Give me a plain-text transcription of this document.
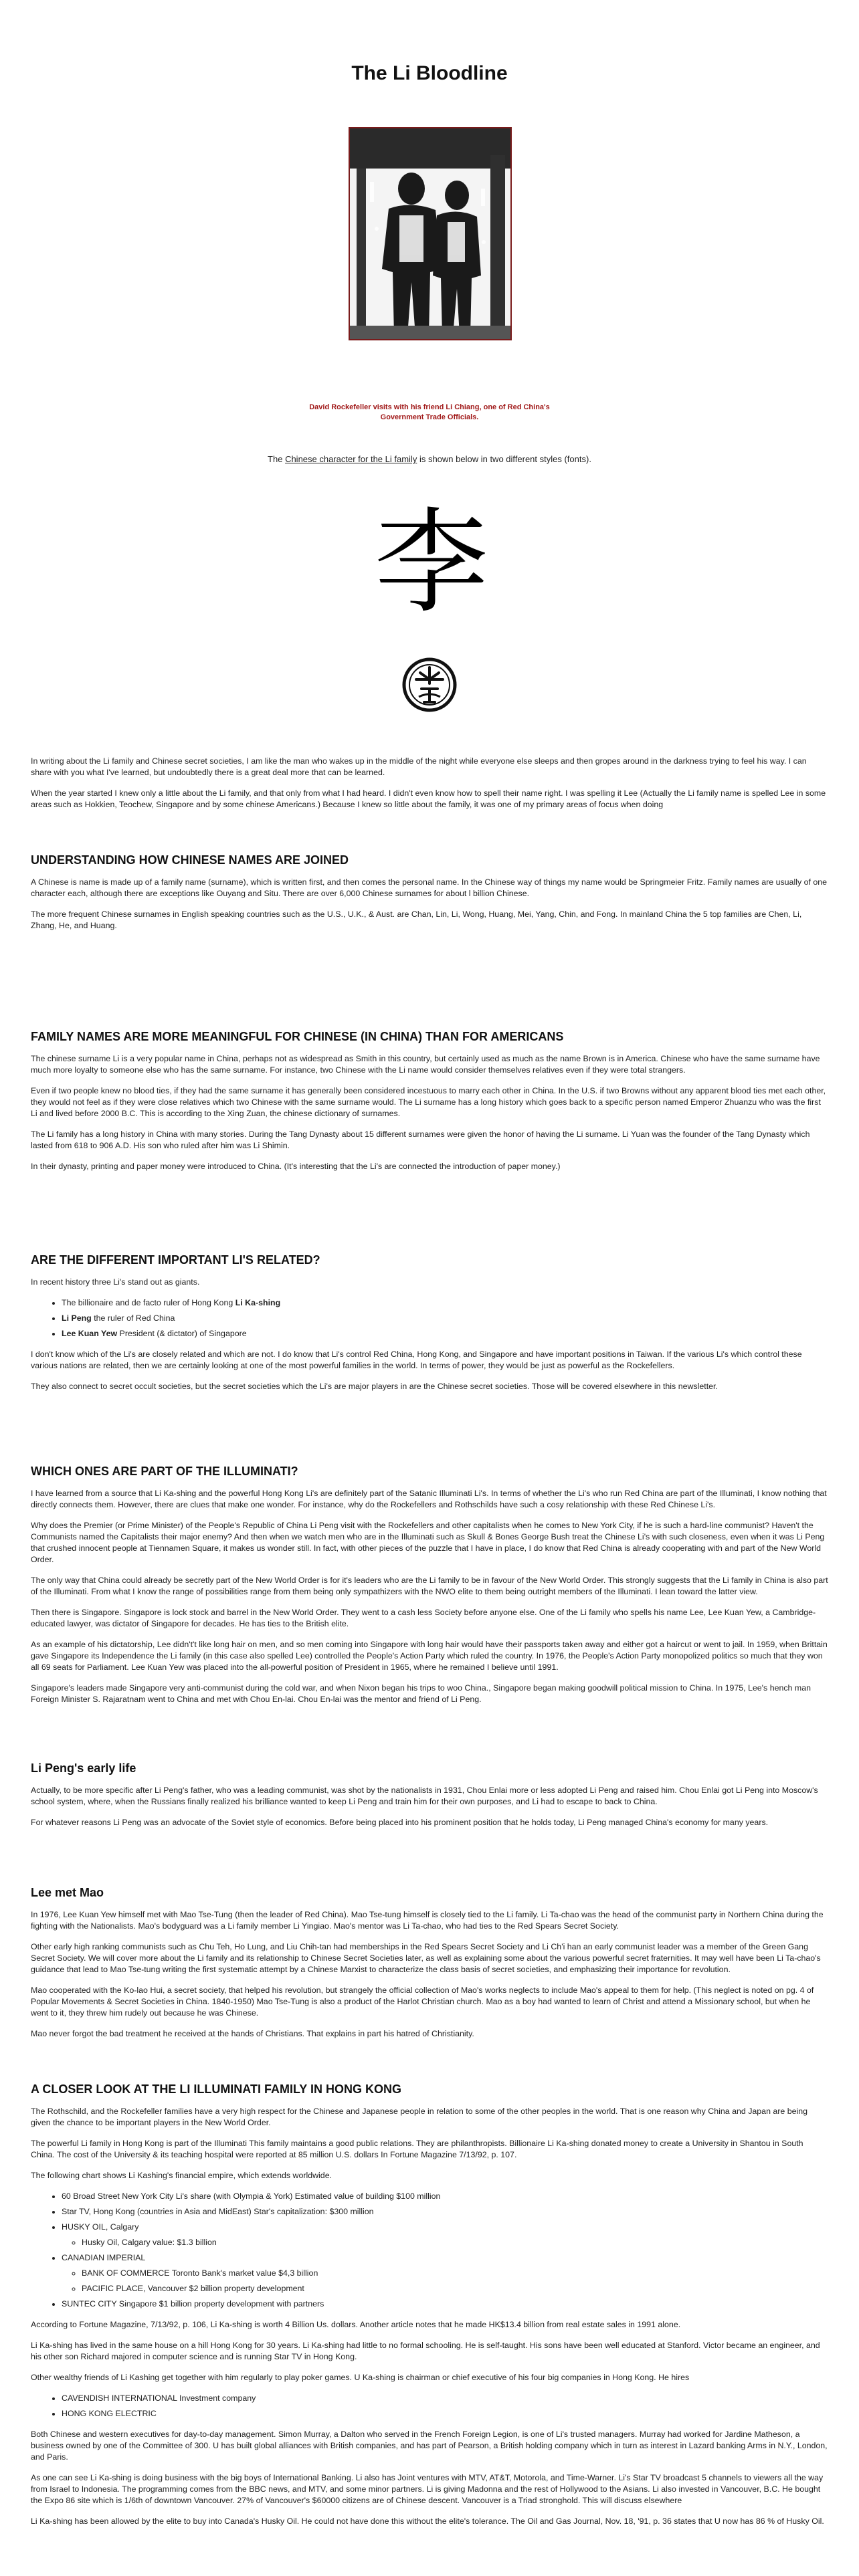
The Li Bloodline
David Rockefeller visits with his friend Li Chiang, one of Red China's Government Trade Officials.
The Chinese character for the Li family is shown below in two different styles (fonts).
李

In writing about the Li family and Chinese secret societies, I am like the man who wakes up in the middle of the night while everyone else sleeps and then gropes around in the darkness trying to feel his way. I can share with you what I've learned, but undoubtedly there is a great deal more that can be learned.

When the year started I knew only a little about the Li family, and that only from what I had heard. I didn't even know how to spell their name right. I was spelling it Lee (Actually the Li family name is spelled Lee in some areas such as Hokkien, Teochew, Singapore and by some chinese Americans.) Because I knew so little about the family, it was one of my primary areas of focus when doing

UNDERSTANDING HOW CHINESE NAMES ARE JOINED

A Chinese is name is made up of a family name (surname), which is written first, and then comes the personal name. In the Chinese way of things my name would be Springmeier Fritz. Family names are usually of one character each, although there are exceptions like Ouyang and Situ. There are over 6,000 Chinese surnames for about l billion Chinese.

The more frequent Chinese surnames in English speaking countries such as the U.S., U.K., & Aust. are Chan, Lin, Li, Wong, Huang, Mei, Yang, Chin, and Fong. In mainland China the 5 top families are Chen, Li, Zhang, He, and Huang.

FAMILY NAMES ARE MORE MEANINGFUL FOR CHINESE (IN CHINA) THAN FOR AMERICANS

The chinese surname Li is a very popular name in China, perhaps not as widespread as Smith in this country, but certainly used as much as the name Brown is in America. Chinese who have the same surname have much more loyalty to someone else who has the same surname. For instance, two Chinese with the Li name would consider themselves relatives even if they were total strangers.

Even if two people knew no blood ties, if they had the same surname it has generally been considered incestuous to marry each other in China. In the U.S. if two Browns without any apparent blood ties met each other, they would not feel as if they were close relatives which two Chinese with the same surname would. The Li surname has a long history which goes back to a specific person named Emperor Zhuanzu who was the first Li and lived before 2000 B.C. This is according to the Xing Zuan, the chinese dictionary of surnames.

The Li family has a long history in China with many stories. During the Tang Dynasty about 15 different surnames were given the honor of having the Li surname. Li Yuan was the founder of the Tang Dynasty which lasted from 618 to 906 A.D. His son who ruled after him was Li Shimin.

In their dynasty, printing and paper money were introduced to China. (It's interesting that the Li's are connected the introduction of paper money.)

ARE THE DIFFERENT IMPORTANT LI'S RELATED?

In recent history three Li's stand out as giants.

• The billionaire and de facto ruler of Hong Kong Li Ka-shing
• Li Peng the ruler of Red China
• Lee Kuan Yew President (& dictator) of Singapore

I don't know which of the Li's are closely related and which are not. I do know that Li's control Red China, Hong Kong, and Singapore and have important positions in Taiwan. If the various Li's which control these various nations are related, then we are certainly looking at one of the most powerful families in the world. In terms of power, they would be just as powerful as the Rockefellers.

They also connect to secret occult societies, but the secret societies which the Li's are major players in are the Chinese secret societies. Those will be covered elsewhere in this newsletter.

WHICH ONES ARE PART OF THE ILLUMINATI?

I have learned from a source that Li Ka-shing and the powerful Hong Kong Li's are definitely part of the Satanic Illuminati Li's. In terms of whether the Li's who run Red China are part of the Illuminati, I know nothing that directly connects them. However, there are clues that make one wonder. For instance, why do the Rockefellers and Rothschilds have such a cosy relationship with these Red Chinese Li's.

Why does the Premier (or Prime Minister) of the People's Republic of China Li Peng visit with the Rockefellers and other capitalists when he comes to New York City, if he is such a hard-line communist? Haven't the Communists named the Capitalists their major enemy? And then when we watch men who are in the Illuminati such as Skull & Bones George Bush treat the Chinese Li's with such closeness, even when it was Li Peng that crushed innocent people at Tiennamen Square, it makes us wonder still. In fact, with other pieces of the puzzle that I have in place, I do know that Red China is already cooperating with and part of the New World Order.

The only way that China could already be secretly part of the New World Order is for it's leaders who are the Li family to be in favour of the New World Order. This strongly suggests that the Li family in China is also part of the Illuminati. From what I know the range of possibilities range from them being only sympathizers with the NWO elite to them being outright members of the Illuminati. I lean toward the latter view.

Then there is Singapore. Singapore is lock stock and barrel in the New World Order. They went to a cash less Society before anyone else. One of the Li family who spells his name Lee, Lee Kuan Yew, a Cambridge-educated lawyer, was dictator of Singapore for decades. He has ties to the British elite.

As an example of his dictatorship, Lee didn't't like long hair on men, and so men coming into Singapore with long hair would have their passports taken away and either got a haircut or went to jail. In 1959, when Brittain gave Singapore its Independence the Li family (in this case also spelled Lee) controlled the People's Action Party which ruled the country. In 1976, the People's Action Party monopolized politics so much that they won all 69 seats for Parliament. Lee Kuan Yew was placed into the all-powerful position of President in 1965, where he remained I believe until 1991.

Singapore's leaders made Singapore very anti-communist during the cold war, and when Nixon began his trips to woo China., Singapore began making goodwill political mission to China. In 1975, Lee's hench man Foreign Minister S. Rajaratnam went to China and met with Chou En-lai. Chou En-lai was the mentor and friend of Li Peng.

Li Peng's early life

Actually, to be more specific after Li Peng's father, who was a leading communist, was shot by the nationalists in 1931, Chou Enlai more or less adopted Li Peng and raised him. Chou Enlai got Li Peng into Moscow's school system, where, when the Russians finally realized his brilliance wanted to keep Li Peng and train him for their own purposes, and Li had to escape to back to China.

For whatever reasons Li Peng was an advocate of the Soviet style of economics. Before being placed into his prominent position that he holds today, Li Peng managed China's economy for many years.

Lee met Mao

In 1976, Lee Kuan Yew himself met with Mao Tse-Tung (then the leader of Red China). Mao Tse-tung himself is closely tied to the Li family. Li Ta-chao was the head of the communist party in Northern China during the fighting with the Nationalists. Mao's bodyguard was a Li family member Li Yingiao. Mao's mentor was Li Ta-chao, who had ties to the Red Spears Secret Society.

Other early high ranking communists such as Chu Teh, Ho Lung, and Liu Chih-tan had memberships in the Red Spears Secret Society and Li Ch'i han an early communist leader was a member of the Green Gang Secret Society. We will cover more about the Li family and its relationship to Chinese Secret Societies later, as well as explaining some about the various powerful secret fraternities. It may well have been Li Ta-chao's guidance that lead to Mao Tse-tung writing the first systematic attempt by a Chinese Marxist to characterize the class basis of secret societies, and emphasizing their importance for revolution.

Mao cooperated with the Ko-lao Hui, a secret society, that helped his revolution, but strangely the official collection of Mao's works neglects to include Mao's appeal to them for help. (This neglect is noted on pg. 4 of Popular Movements & Secret Societies in China. 1840-1950) Mao Tse-Tung is also a product of the Harlot Christian church. Mao as a boy had wanted to learn of Christ and attend a Missionary school, but when he went to it, they threw him rudely out because he was Chinese.

Mao never forgot the bad treatment he received at the hands of Christians. That explains in part his hatred of Christianity.

A CLOSER LOOK AT THE LI ILLUMINATI FAMILY IN HONG KONG

The Rothschild, and the Rockefeller families have a very high respect for the Chinese and Japanese people in relation to some of the other peoples in the world. That is one reason why China and Japan are being given the chance to be important players in the New World Order.

The powerful Li family in Hong Kong is part of the Illuminati This family maintains a good public relations. They are philanthropists. Billionaire Li Ka-shing donated money to create a University in Shantou in South China. The cost of the University & its teaching hospital were reported at 85 million U.S. dollars In Fortune Magazine 7/13/92, p. 107.

The following chart shows Li Kashing's financial empire, which extends worldwide.

• 60 Broad Street New York City Li's share (with Olympia & York) Estimated value of building $100 million
• Star TV, Hong Kong (countries in Asia and MidEast) Star's capitalization: $300 million
• HUSKY OIL, Calgary
◦ Husky Oil, Calgary value: $1.3 billion
• CANADIAN IMPERIAL
◦ BANK OF COMMERCE Toronto Bank's market value $4,3 billion
◦ PACIFIC PLACE, Vancouver $2 billion property development
• SUNTEC CITY Singapore $1 billion property development with partners

According to Fortune Magazine, 7/13/92, p. 106, Li Ka-shing is worth 4 Billion Us. dollars. Another article notes that he made HK$13.4 billion from real estate sales in 1991 alone.

Li Ka-shing has lived in the same house on a hill Hong Kong for 30 years. Li Ka-shing had little to no formal schooling. He is self-taught. His sons have been well educated at Stanford. Victor became an engineer, and his other son Richard majored in computer science and is running Star TV in Hong Kong.

Other wealthy friends of Li Kashing get together with him regularly to play poker games. U Ka-shing is chairman or chief executive of his four big companies in Hong Kong. He hires

• CAVENDISH INTERNATIONAL Investment company
• HONG KONG ELECTRIC

Both Chinese and western executives for day-to-day management. Simon Murray, a Dalton who served in the French Foreign Legion, is one of Li's trusted managers. Murray had worked for Jardine Matheson, a business owned by one of the Committee of 300. U has built global alliances with British companies, and has part of Pearson, a British holding company which in turn as interest in Lazard banking Arms in N.Y., London, and Paris.

As one can see Li Ka-shing is doing business with the big boys of International Banking. Li also has Joint ventures with MTV, AT&T, Motorola, and Time-Warner. Li's Star TV broadcast 5 channels to viewers all the way from Israel to Indonesia. The programming comes from the BBC news, and MTV, and some minor partners. Li is giving Madonna and the rest of Hollywood to the Asians. Li also invested in Vancouver, B.C. He bought the Expo 86 site which is 1/6th of downtown Vancouver. 27% of Vancouver's $60000 citizens are of Chinese descent. Vancouver is a Triad stronghold. This will discuss elsewhere

Li Ka-shing has been allowed by the elite to buy into Canada's Husky Oil. He could not have done this without the elite's tolerance. The Oil and Gas Journal, Nov. 18, '91, p. 36 states that U now has 86 % of Husky Oil.
